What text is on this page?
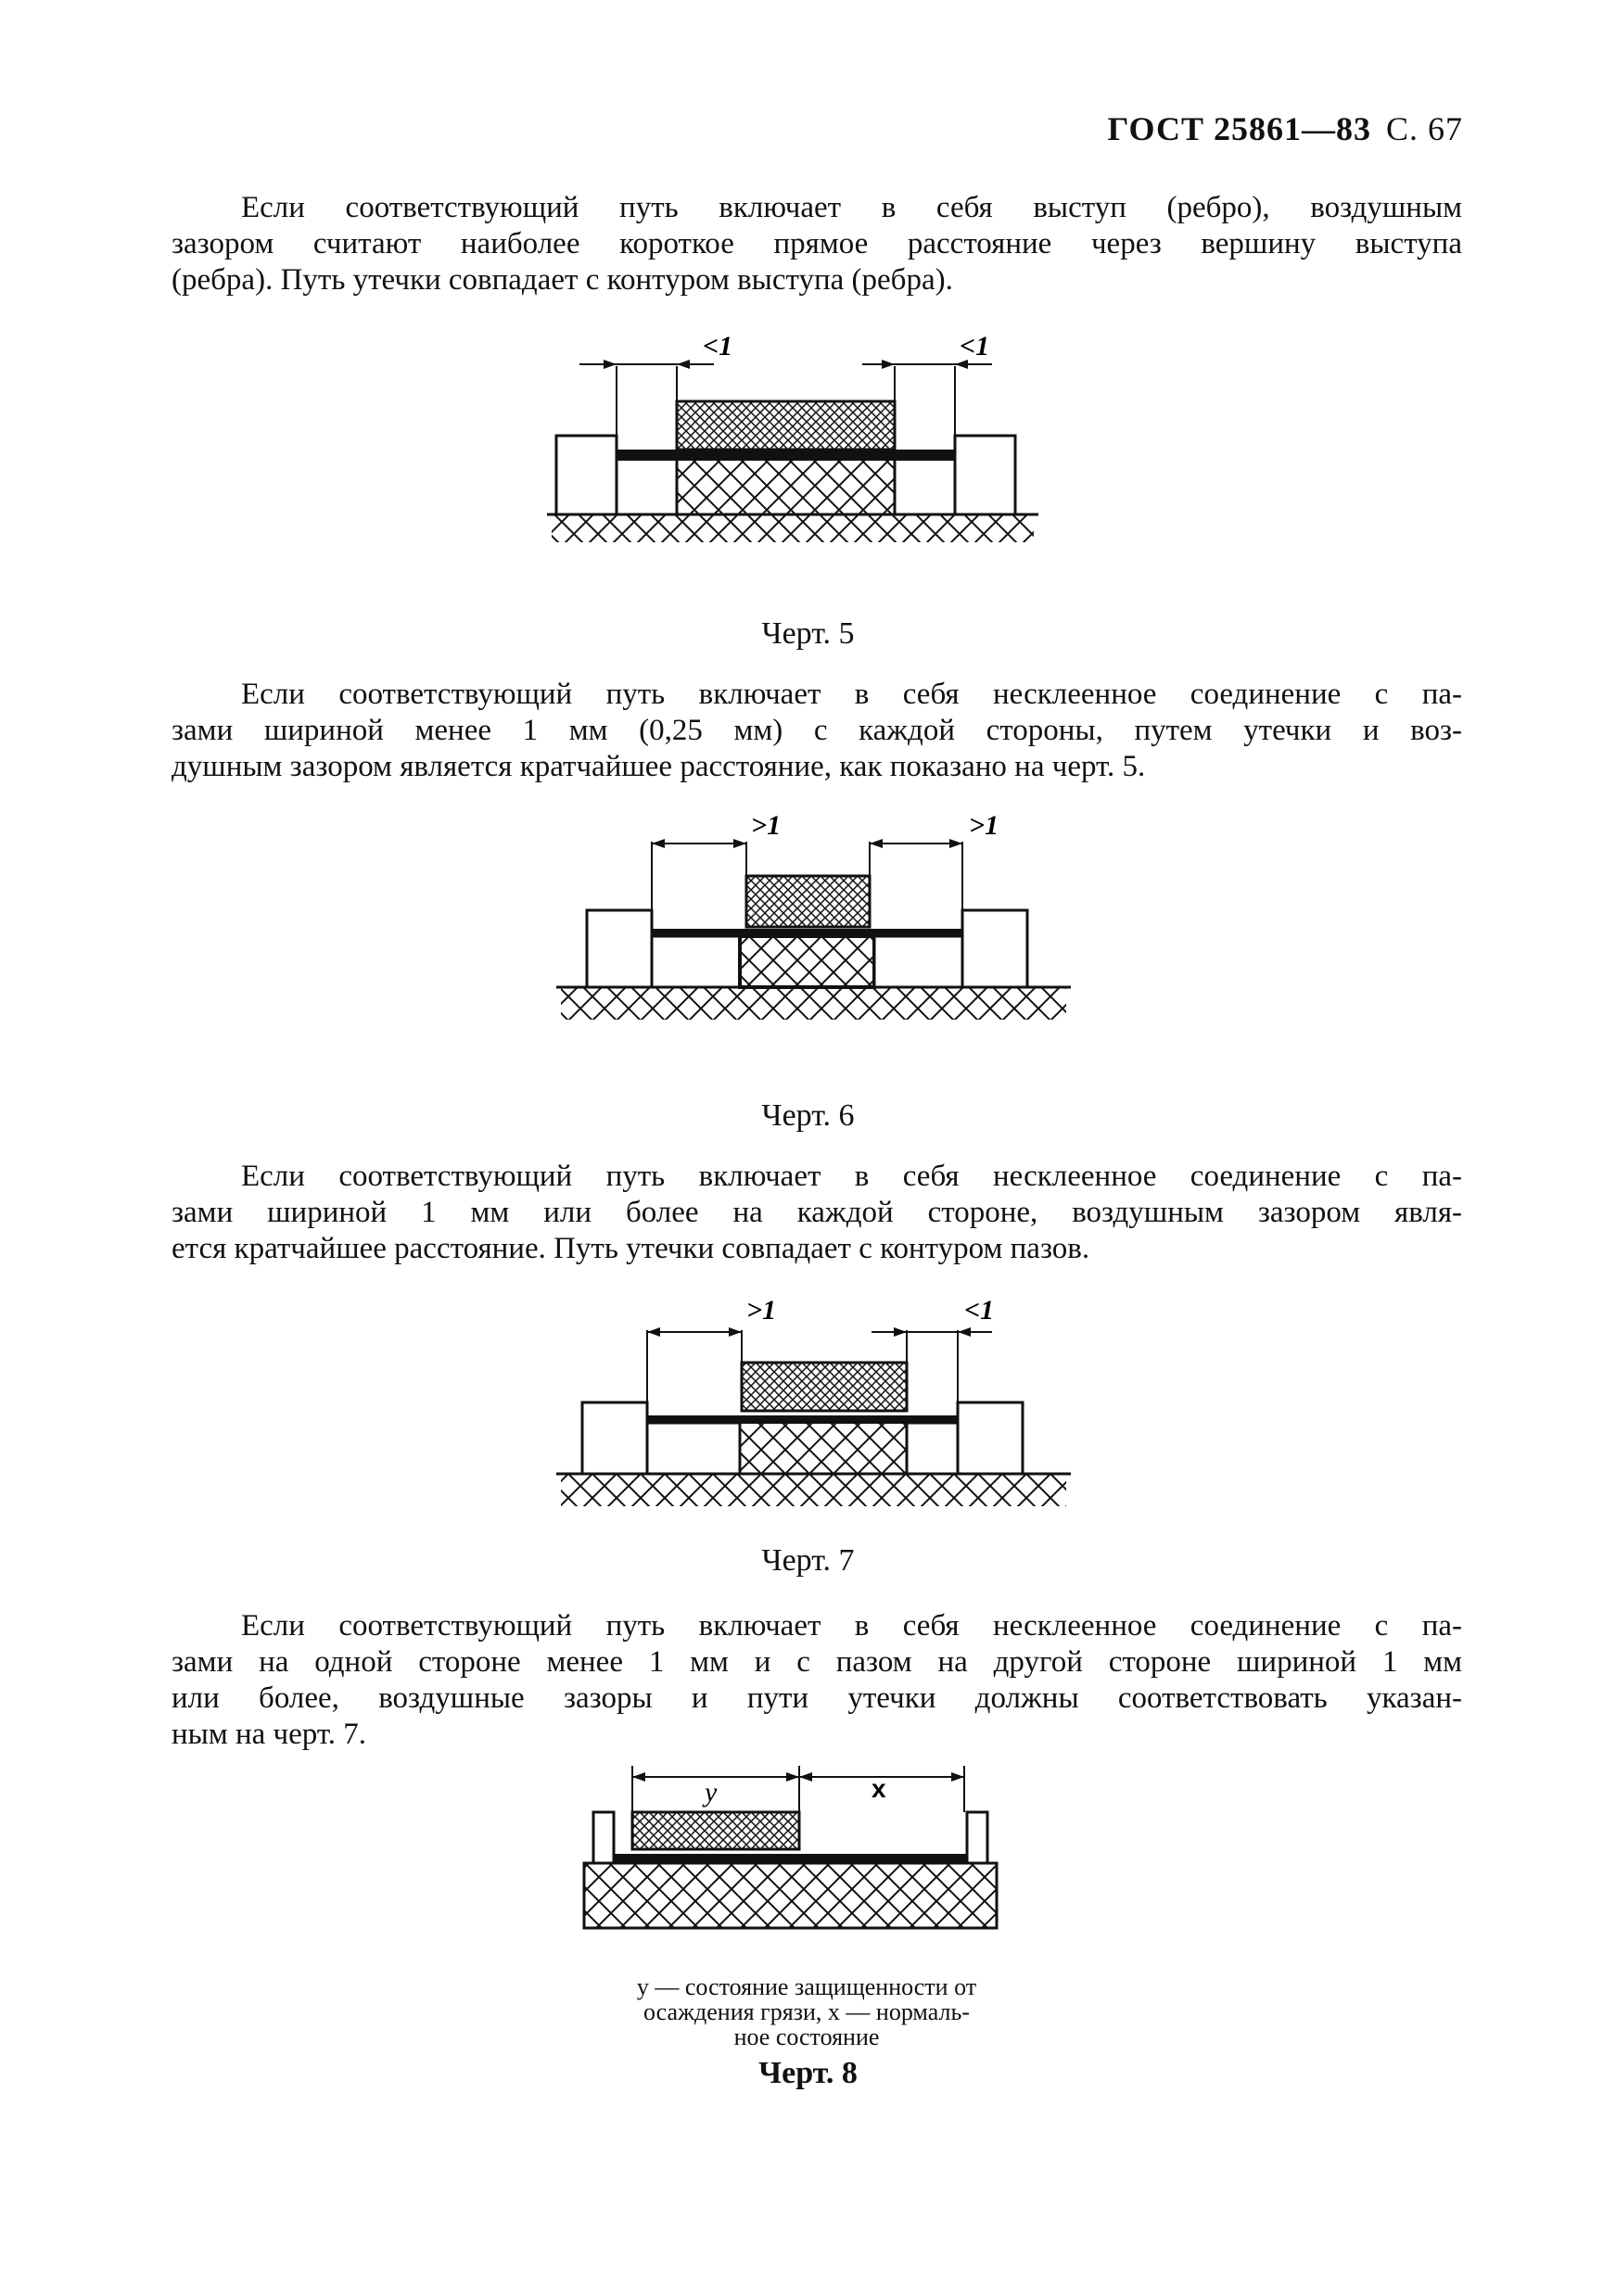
ГОСТ 25861—83 С. 67
Если соответствующий путь включает в себя выступ (ребро), воздушным
зазором считают наиболее короткое прямое расстояние через вершину выступа
(ребра). Путь утечки совпадает с контуром выступа (ребра).
<1	<1
Черт. 5
Если соответствующий путь включает в себя несклеенное соединение с па-
зами шириной менее 1 мм (0,25 мм) с каждой стороны, путем утечки и воз-
душным зазором является кратчайшее расстояние, как показано на черт. 5.
>1	>1
Черт. 6
Если соответствующий путь включает в себя несклеенное соединение с па-
зами шириной 1 мм или более на каждой стороне, воздушным зазором явля-
ется кратчайшее расстояние. Путь утечки совпадает с контуром пазов.
>1	<1
Черт. 7
Если соответствующий путь включает в себя несклеенное соединение с па-
зами на одной стороне менее 1 мм и с пазом на другой стороне шириной 1 мм
или более, воздушные зазоры и пути утечки должны соответствовать указан-
ным на черт. 7.
y	x
y — состояние защищенности от
осаждения грязи, x — нормаль-
ное состояние
Черт. 8
